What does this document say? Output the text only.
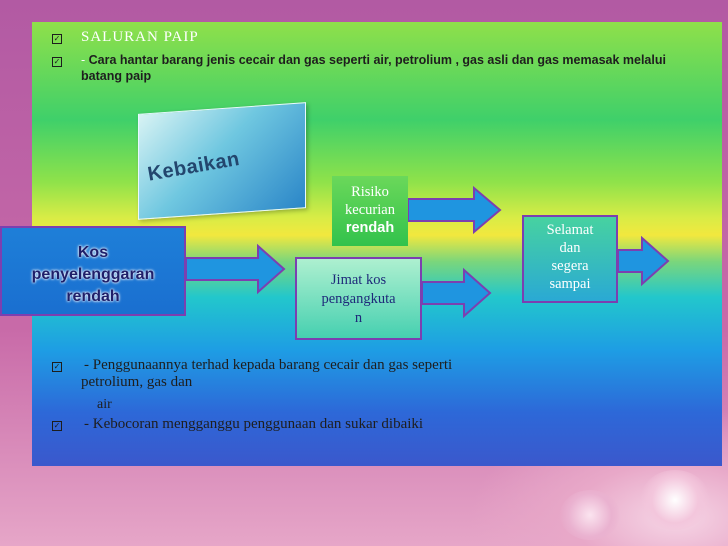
✓ SALURAN PAIP
✓ - Cara hantar barang jenis cecair dan gas seperti air, petrolium , gas asli dan gas memasak melalui batang paip
Kebaikan
Kos
penyelenggaran
rendah
Risiko
kecurian
rendah
Jimat kos
pengangkuta
n
Selamat
dan
segera
sampai
✓ - Penggunaannya terhad kepada barang cecair dan gas seperti
petrolium, gas dan
air
✓ - Kebocoran mengganggu penggunaan dan sukar dibaiki
